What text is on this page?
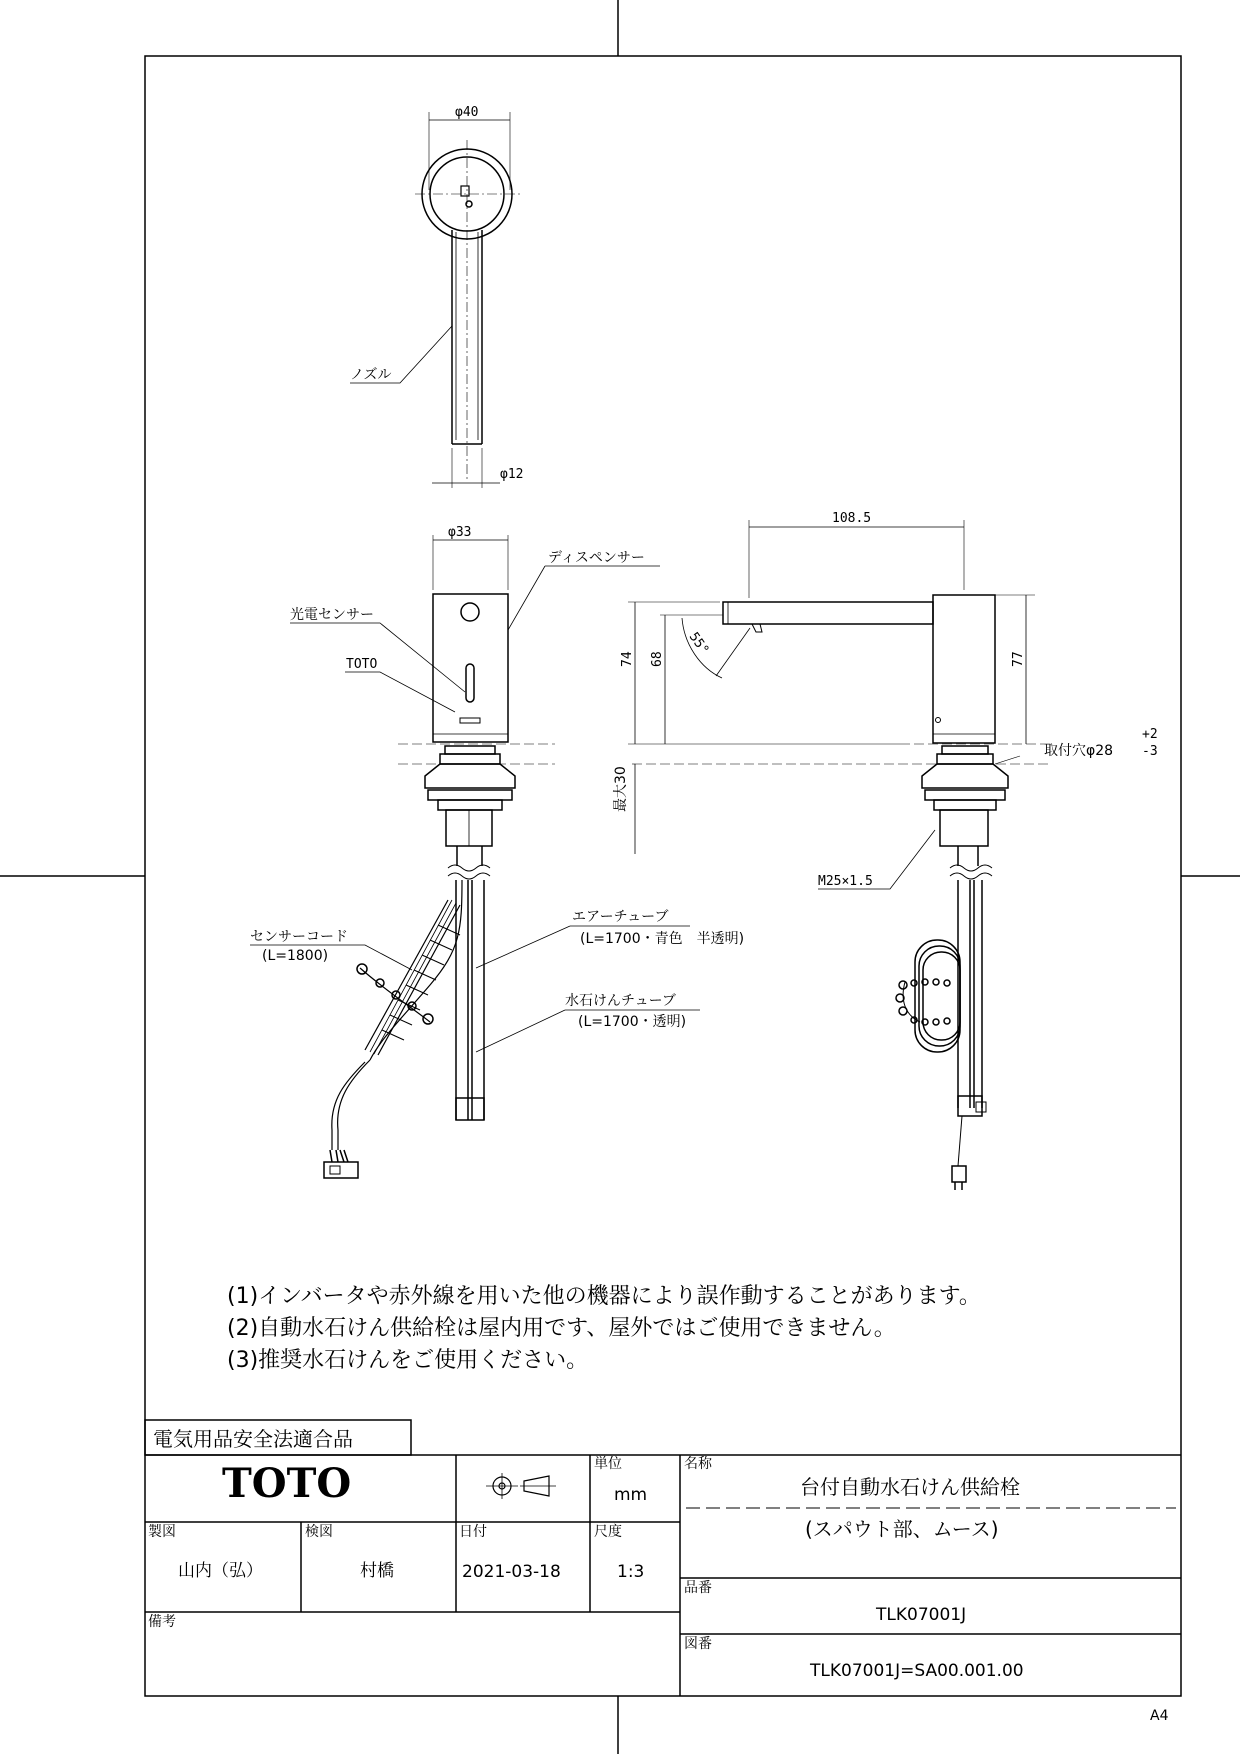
φ40
φ12
ノズル
φ33
ディスペンサー
光電センサー
TOTO
センサーコード
(L=1800)
エアーチューブ
(L=1700・青色　半透明)
水石けんチューブ
(L=1700・透明)
108.5
74 68	77
55°
最大30
取付穴φ28
+2
-3
M25×1.5
(1)インバータや赤外線を用いた他の機器により誤作動することがあります。
(2)自動水石けん供給栓は屋内用です、屋外ではご使用できません。
(3)推奨水石けんをご使用ください。
電気用品安全法適合品
TOTO	単位
mm
名称
台付自動水石けん供給栓
(スパウト部、ムース)
製図
山内（弘）
検図
村橋
日付
2021-03-18
尺度
1:3
品番
TLK07001J
備考
図番
TLK07001J=SA00.001.00
A4
